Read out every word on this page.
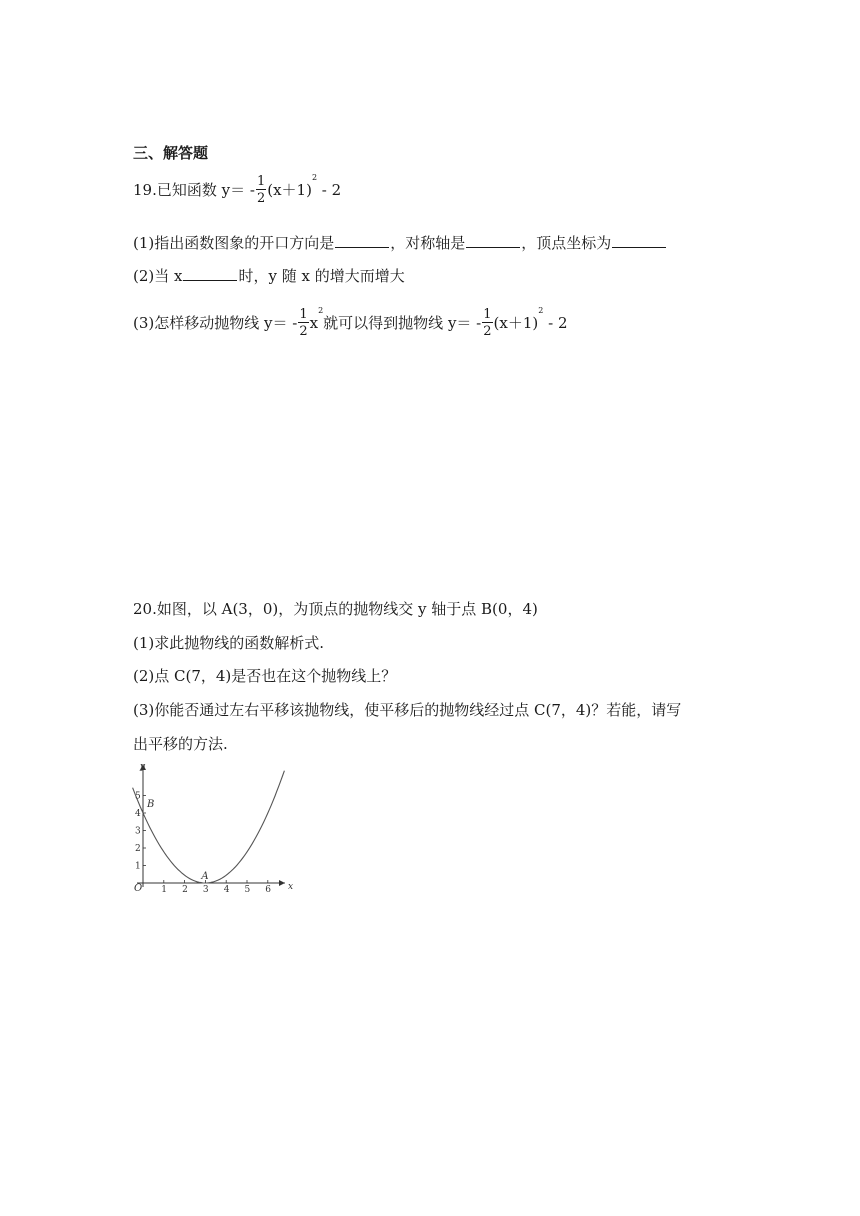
三、解答题
19.已知函数 $y= - \frac{1}{2} (x+1)^2 - 2$
(1)指出函数图象的开口方向是	，对称轴是	，顶点坐标为
(2)当 x	时，y 随 x 的增大而增大
(3)怎样移动抛物线 $y= - \frac{1}{2} x^2$就可以得到抛物线 $y= - \frac{1}{2} (x+1)^2 - 2$
20.如图，以 A(3，0)，为顶点的抛物线交 y 轴于点 B(0，4)
(1)求此抛物线的函数解析式.
(2)点 C(7，4)是否也在这个抛物线上？
(3)你能否通过左右平移该抛物线，使平移后的抛物线经过点 C(7，4)？若能，请写
出平移的方法.
x
y
O 1 2 3 4 5 6
1
2
3
4
5
A
B
